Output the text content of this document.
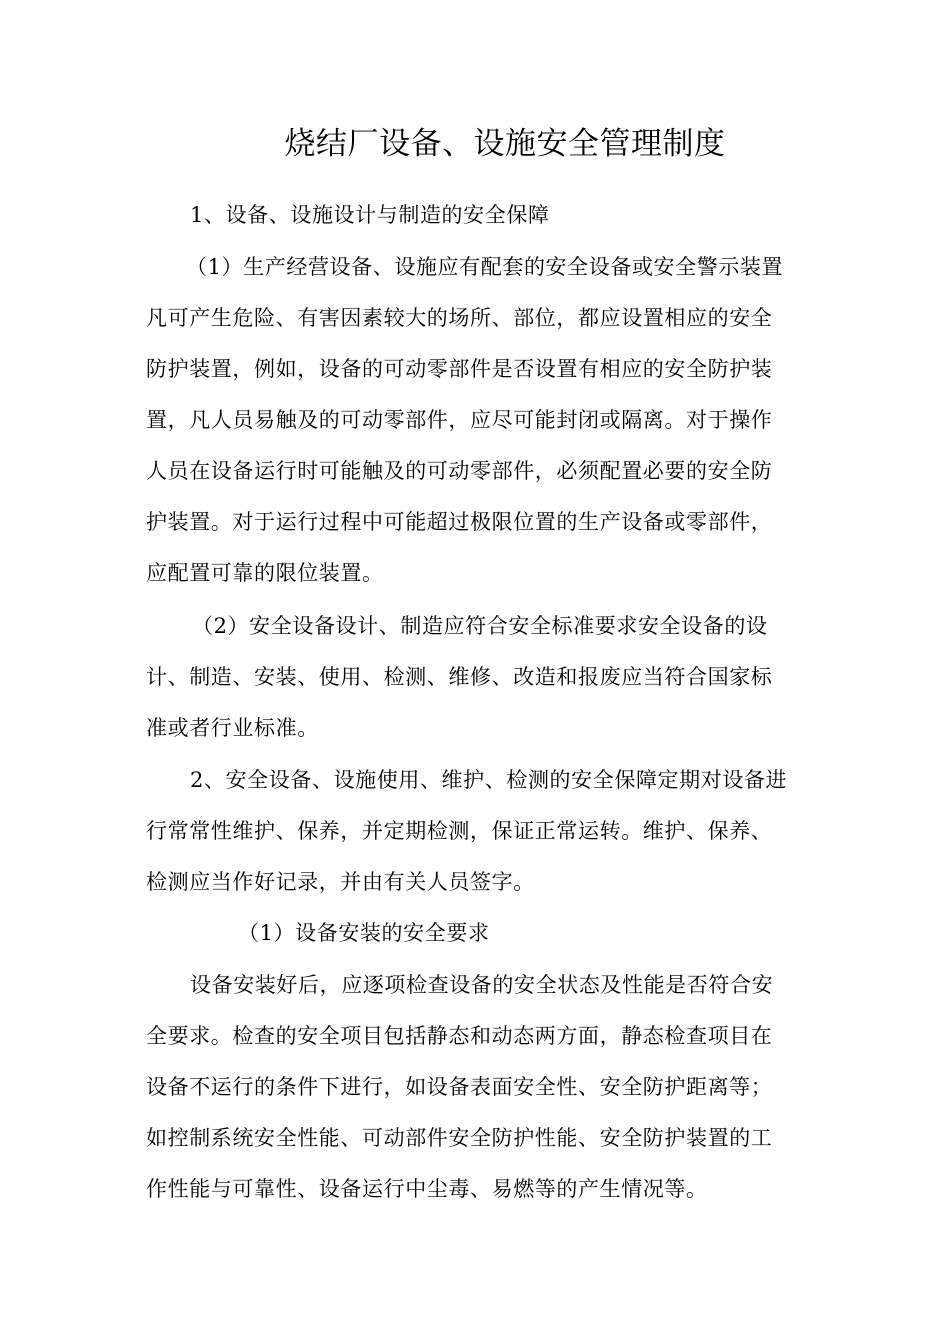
烧结厂设备、设施安全管理制度
1、设备、设施设计与制造的安全保障
（1）生产经营设备、设施应有配套的安全设备或安全警示装置
凡可产生危险、有害因素较大的场所、部位，都应设置相应的安全
防护装置，例如，设备的可动零部件是否设置有相应的安全防护装
置，凡人员易触及的可动零部件，应尽可能封闭或隔离。对于操作
人员在设备运行时可能触及的可动零部件，必须配置必要的安全防
护装置。对于运行过程中可能超过极限位置的生产设备或零部件，
应配置可靠的限位装置。
（2）安全设备设计、制造应符合安全标准要求安全设备的设
计、制造、安装、使用、检测、维修、改造和报废应当符合国家标
准或者行业标准。
2、安全设备、设施使用、维护、检测的安全保障定期对设备进
行常常性维护、保养，并定期检测，保证正常运转。维护、保养、
检测应当作好记录，并由有关人员签字。
（1）设备安装的安全要求
设备安装好后，应逐项检查设备的安全状态及性能是否符合安
全要求。检查的安全项目包括静态和动态两方面，静态检查项目在
设备不运行的条件下进行，如设备表面安全性、安全防护距离等；
如控制系统安全性能、可动部件安全防护性能、安全防护装置的工
作性能与可靠性、设备运行中尘毒、易燃等的产生情况等。
